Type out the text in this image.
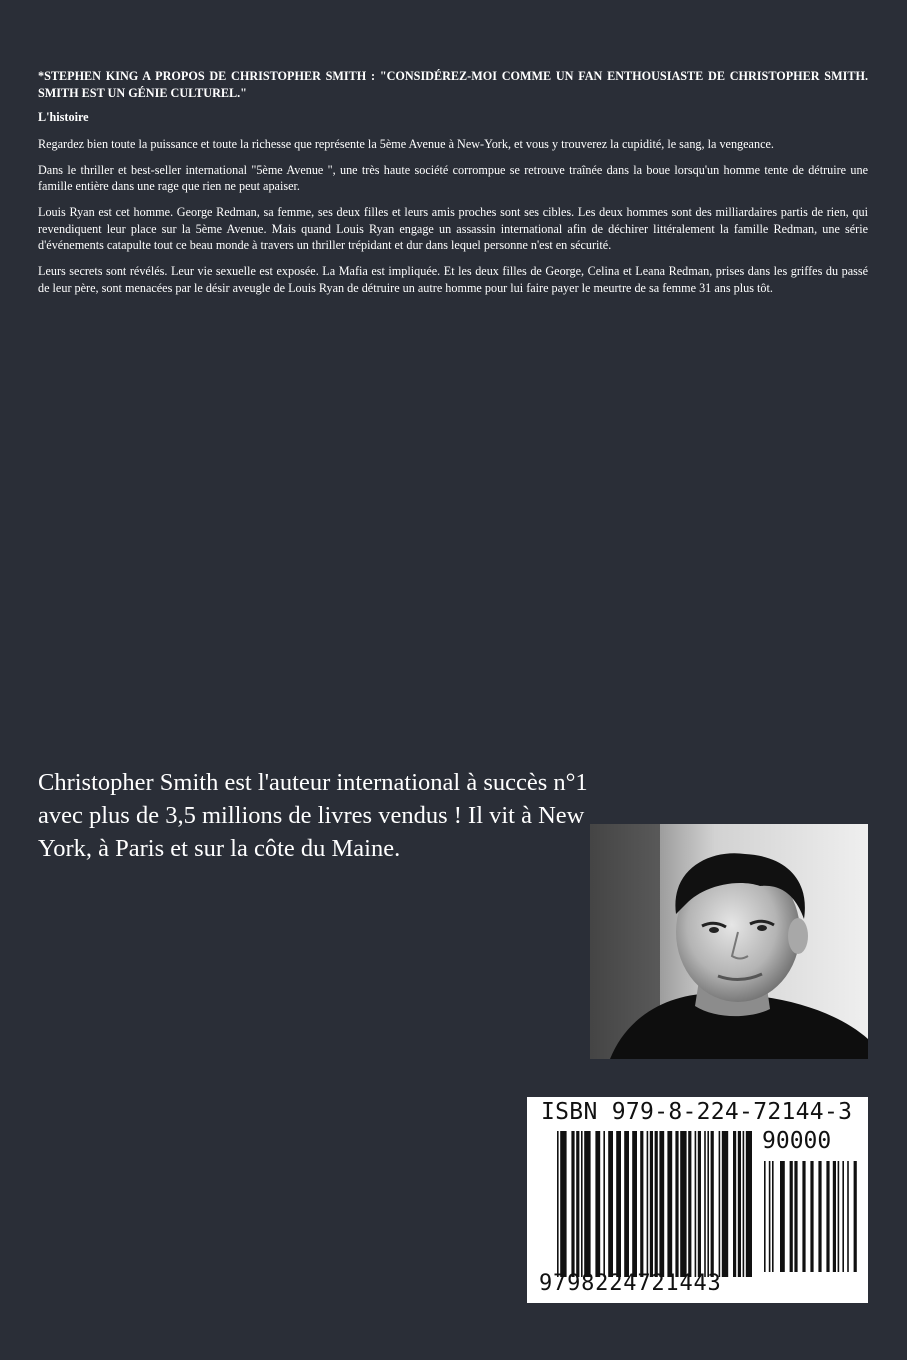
*STEPHEN KING A PROPOS DE CHRISTOPHER SMITH : "CONSIDÉREZ-MOI COMME UN FAN ENTHOUSIASTE DE CHRISTOPHER SMITH. SMITH EST UN GÉNIE CULTUREL."

L'histoire

Regardez bien toute la puissance et toute la richesse que représente la 5ème Avenue à New-York, et vous y trouverez la cupidité, le sang, la vengeance.

Dans le thriller et best-seller international "5ème Avenue ", une très haute société corrompue se retrouve traînée dans la boue lorsqu'un homme tente de détruire une famille entière dans une rage que rien ne peut apaiser.

Louis Ryan est cet homme. George Redman, sa femme, ses deux filles et leurs amis proches sont ses cibles. Les deux hommes sont des milliardaires partis de rien, qui revendiquent leur place sur la 5ème Avenue. Mais quand Louis Ryan engage un assassin international afin de déchirer littéralement la famille Redman, une série d'événements catapulte tout ce beau monde à travers un thriller trépidant et dur dans lequel personne n'est en sécurité.

Leurs secrets sont révélés. Leur vie sexuelle est exposée. La Mafia est impliquée. Et les deux filles de George, Celina et Leana Redman, prises dans les griffes du passé de leur père, sont menacées par le désir aveugle de Louis Ryan de détruire un autre homme pour lui faire payer le meurtre de sa femme 31 ans plus tôt.

Christopher Smith est l'auteur international à succès n°1 avec plus de 3,5 millions de livres vendus ! Il vit à New York, à Paris et sur la côte du Maine.
ISBN 979-8-224-72144-3
90000
9798224721443
